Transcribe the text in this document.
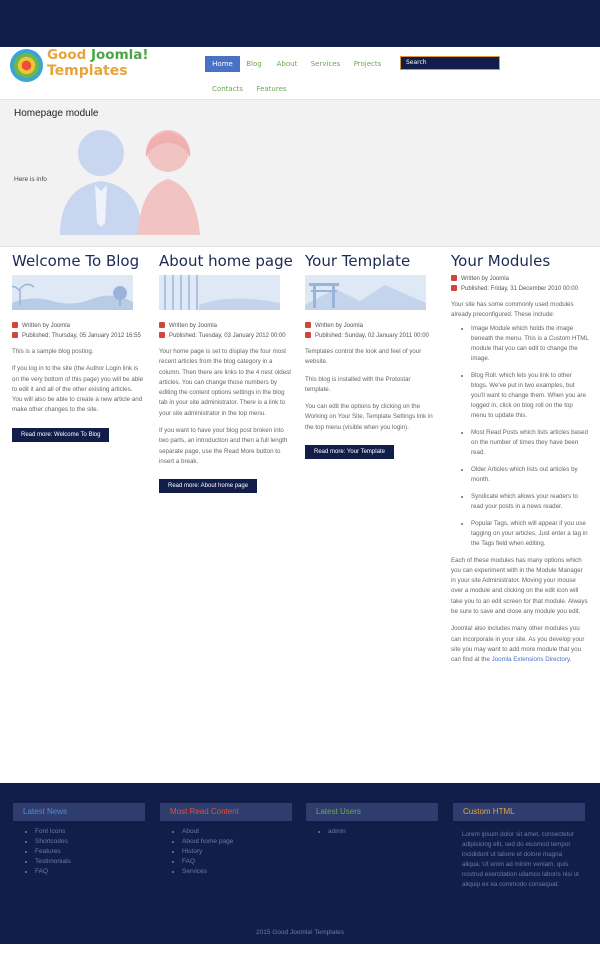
Good Joomla!
Templates	Home	Blog	About	Services	Projects
Contacts	Features
Search
Homepage module
Here is info
Welcome To Blog
Written by Joomla
Published: Thursday, 05 January 2012 16:55

This is a sample blog posting.

If you log in to the site (the Author Login link is on the very bottom of this page) you will be able to edit it and all of the other existing articles. You will also be able to create a new article and make other changes to the site.

Read more: Welcome To Blog
About home page
Written by Joomla
Published: Tuesday, 03 January 2012 00:00

Your home page is set to display the four most recent articles from the blog category in a column. Then there are links to the 4 nest oldest articles. You can change those numbers by editing the content options settings in the blog tab in your site administrator. There is a link to your site administrator in the top menu.

If you want to have your blog post broken into two parts, an introduction and then a full length separate page, use the Read More button to insert a break.

Read more: About home page
Your Template
Written by Joomla
Published: Sunday, 02 January 2011 00:00

Templates control the look and feel of your website.

This blog is installed with the Protostar template.

You can edit the options by clicking on the Working on Your Site, Template Settings link in the top menu (visible when you login).

Read more: Your Template
Your Modules
Written by Joomla
Published: Friday, 31 December 2010 00:00

Your site has some commonly used modules already preconfigured. These include:

• Image Module which holds the image beneath the menu. This is a Custom HTML module that you can edit to change the image.
• Blog Roll. which lets you link to other blogs. We've put in two examples, but you'll want to change them. When you are logged in, click on blog roll on the top menu to update this.
• Most Read Posts which lists articles based on the number of times they have been read.
• Older Articles which lists out articles by month.
• Syndicate which allows your readers to read your posts in a news reader.
• Popular Tags, which will appear if you use tagging on your articles. Just enter a tag in the Tags field when editing.

Each of these modules has many options which you can experiment with in the Module Manager in your site Administrator. Moving your mouse over a module and clicking on the edit icon will take you to an edit screen for that module. Always be sure to save and close any module you edit.

Joomla! also includes many other modules you can incorporate in your site. As you develop your site you may want to add more module that you can find at the Joomla Extensions Directory.

Latest News
• Font Icons
• Shortcodes
• Features
• Testimonials
• FAQ
Most Read Content
• About
• About home page
• History
• FAQ
• Services
Latest Users
• admin
Custom HTML
Lorem ipsum dolor sit amet, consectetur adipisicing elit, sed do eiusmod tempor incididunt ut labore et dolore magna aliqua. Ut enim ad minim veniam, quis nostrud exercitation ullamco laboris nisi ut aliquip ex ea commodo consequat.
2015 Good Joomla! Templates
